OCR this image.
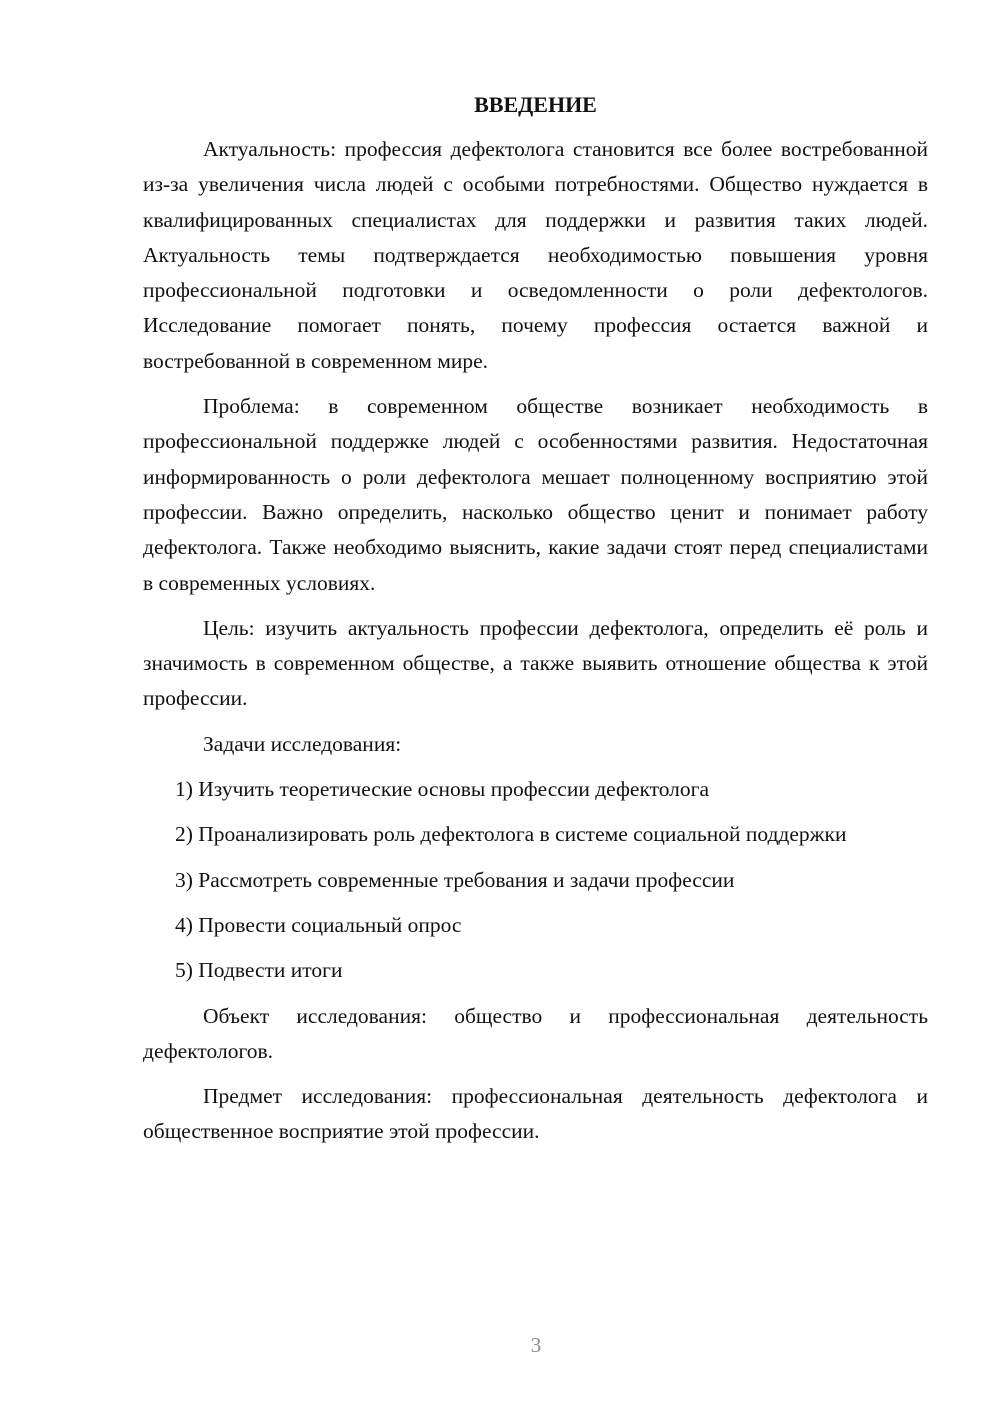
ВВЕДЕНИЕ

Актуальность: профессия дефектолога становится все более востребованной из-за увеличения числа людей с особыми потребностями. Общество нуждается в квалифицированных специалистах для поддержки и развития таких людей. Актуальность темы подтверждается необходимостью повышения уровня профессиональной подготовки и осведомленности о роли дефектологов. Исследование помогает понять, почему профессия остается важной и востребованной в современном мире.

Проблема: в современном обществе возникает необходимость в профессиональной поддержке людей с особенностями развития. Недостаточная информированность о роли дефектолога мешает полноценному восприятию этой профессии. Важно определить, насколько общество ценит и понимает работу дефектолога. Также необходимо выяснить, какие задачи стоят перед специалистами в современных условиях.

Цель: изучить актуальность профессии дефектолога, определить её роль и значимость в современном обществе, а также выявить отношение общества к этой профессии.

Задачи исследования:

1) Изучить теоретические основы профессии дефектолога

2) Проанализировать роль дефектолога в системе социальной поддержки

3) Рассмотреть современные требования и задачи профессии

4) Провести социальный опрос

5) Подвести итоги

Объект исследования: общество и профессиональная деятельность дефектологов.

Предмет исследования: профессиональная деятельность дефектолога и общественное восприятие этой профессии.

3
